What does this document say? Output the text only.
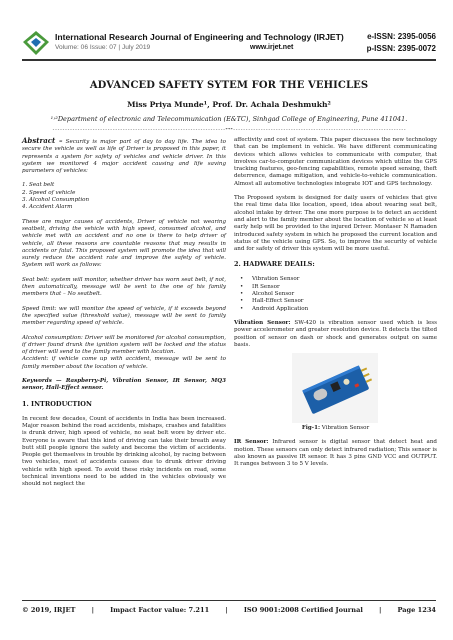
International Research Journal of Engineering and Technology (IRJET)	e-ISSN: 2395-0056
Volume: 06 Issue: 07 | July 2019	www.irjet.net	p-ISSN: 2395-0072
ADVANCED SAFETY SYTEM FOR THE VEHICLES
Miss Priya Munde¹, Prof. Dr. Achala Deshmukh²
¹˒²Department of electronic and Telecommunication (E&TC), Sinhgad College of Engineering, Pune 411041.
---------------------------------------------------------------------***---------------------------------------------------------------------

Abstract – Security is major part of day to day life. The idea to secure the vehicle as well as life of Driver is proposed in this paper, it represents a system for safety of vehicles and vehicle driver. In this system we monitored 4 major accident causing and life saving parameters of vehicles:

1. Seat belt
2. Speed of vehicle
3. Alcohol Consumption
4. Accident Alarm

These are major causes of accidents, Driver of vehicle not wearing seatbelt, driving the vehicle with high speed, consumed alcohol, and vehicle met with an accident and no one is there to help driver of vehicle, all these reasons are countable reasons that may results in accidents or fatal. This proposed system will promote the idea that will surely reduce the accident rate and improve the safety of vehicle. System will work as follows:

Seat belt: system will monitor, whether driver has worn seat belt, if not, then automatically, message will be sent to the one of his family members that – No seatbelt.

Speed limit: we will monitor the speed of vehicle, if it exceeds beyond the specified value (threshold value), message will be sent to family member regarding speed of vehicle.

Alcohol consumption: Driver will be monitored for alcohol consumption, if driver found drunk the ignition system will be locked and the status of driver will send to the family member with location.

Accident: if vehicle come up with accident, message will be sent to family member about the location of vehicle.

Keywords — Raspberry-Pi, Vibration Sensor, IR Sensor, MQ3 sensor, Hall-Effect sensor.

1. INTRODUCTION

In recent few decades, Count of accidents in India has been increased. Major reason behind the road accidents, mishaps, crashes and fatalities is drunk driver, high speed of vehicle, no seat belt wore by driver etc. Everyone is aware that this kind of driving can take their breath away butt still people ignore the safety and become the victim of accidents. People get themselves in trouble by drinking alcohol, by racing between two vehicles, most of accidents causes due to drunk driver driving vehicle with high speed. To avoid these risky incidents on road, some technical inventions need to be added in the vehicles obviously we should not neglect the

affectivity and cost of system. This paper discusses the new technology that can be implement in vehicle. We have different communicating devices which allows vehicles to communicate with computer, that involves car-to-computer communication devices which utilize the GPS tracking features, geo-fencing capabilities, remote speed sensing, theft deterrence, damage mitigation, and vehicle-to-vehicle communication. Almost all automotive technologies integrate IOT and GPS technology.

The Proposed system is designed for daily users of vehicles that give the real time data like location, speed, idea about wearing seat belt, alcohol intake by driver. The one more purpose is to detect an accident and alert to the family member about the location of vehicle so at least early help will be provided to the injured Driver. Montaser N Ramaden introduced safety system in which he proposed the current location and status of the vehicle using GPS. So, to improve the security of vehicle and for safety of driver this system will be more useful.

2. HADWARE DEAILS:
• Vibration Sensor
• IR Sensor
• Alcohol Sensor
• Hall-Effect Sensor
• Android Application

Vibration Sensor: SW-420 is vibration sensor used which is less power accelerometer and greater resolution device. It detects the tilted position of sensor on dash or shock and generates output on same basis.

Fig-1: Vibration Sensor

IR Sensor: Infrared sensor is digital sensor that detect heat and motion. These sensors can only detect infrared radiation; This sensor is also known as passive IR sensor. It has 3 pins GND VCC and OUTPUT. It ranges between 3 to 5 V levels.

© 2019, IRJET | Impact Factor value: 7.211 | ISO 9001:2008 Certified Journal | Page 1234
